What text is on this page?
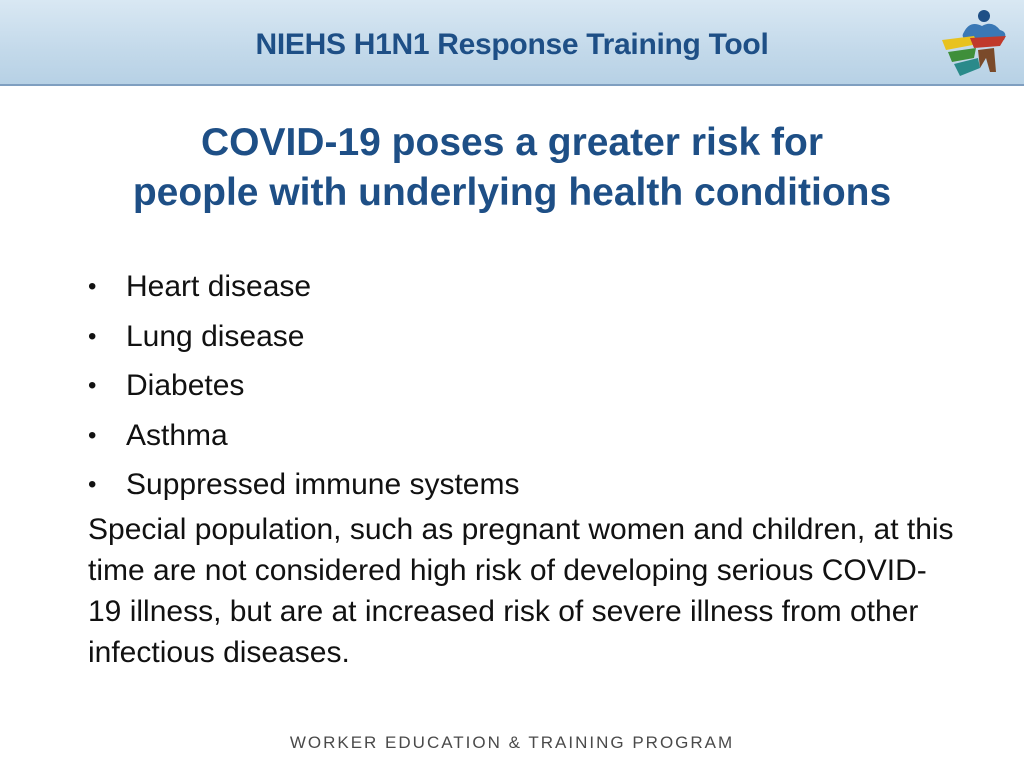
NIEHS H1N1 Response Training Tool
COVID-19 poses a greater risk for
people with underlying health conditions
• Heart disease
• Lung disease
• Diabetes
• Asthma
• Suppressed immune systems

Special population, such as pregnant women and children, at this time are not considered high risk of developing serious COVID-19 illness, but are at increased risk of severe illness from other infectious diseases.

WORKER EDUCATION & TRAINING PROGRAM
